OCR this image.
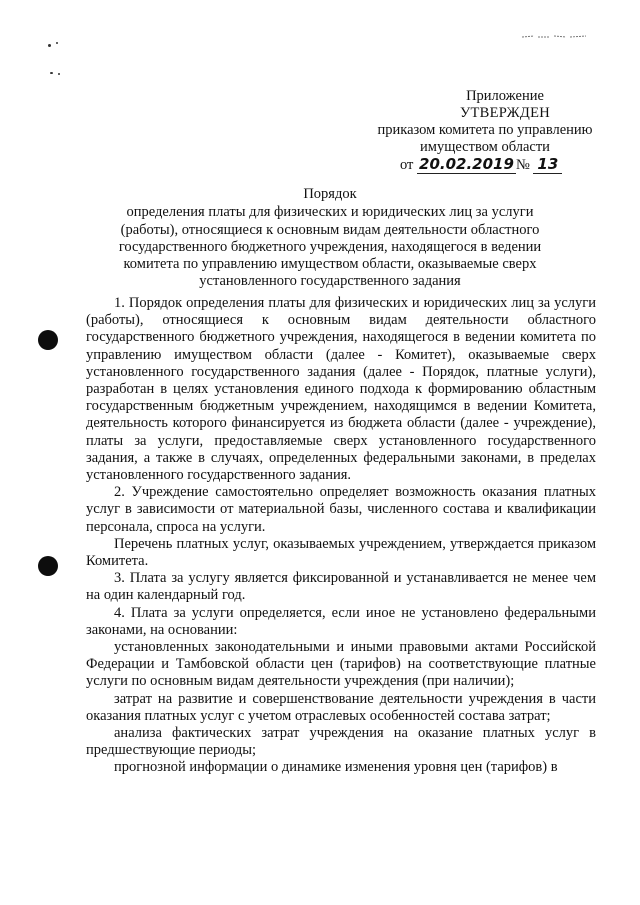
Приложение
УТВЕРЖДЕН
приказом комитета по управлению
имуществом области
от 20.02.2019 № 13
Порядок
определения платы для физических и юридических лиц за услуги (работы), относящиеся к основным видам деятельности областного государственного бюджетного учреждения, находящегося в ведении комитета по управлению имуществом области, оказываемые сверх установленного государственного задания

1. Порядок определения платы для физических и юридических лиц за услуги (работы), относящиеся к основным видам деятельности областного государственного бюджетного учреждения, находящегося в ведении комитета по управлению имуществом области (далее - Комитет), оказываемые сверх установленного государственного задания (далее - Порядок, платные услуги), разработан в целях установления единого подхода к формированию областным государственным бюджетным учреждением, находящимся в ведении Комитета, деятельность которого финансируется из бюджета области (далее - учреждение), платы за услуги, предоставляемые сверх установленного государственного задания, а также в случаях, определенных федеральными законами, в пределах установленного государственного задания.

2. Учреждение самостоятельно определяет возможность оказания платных услуг в зависимости от материальной базы, численного состава и квалификации персонала, спроса на услуги.

Перечень платных услуг, оказываемых учреждением, утверждается приказом Комитета.

3. Плата за услугу является фиксированной и устанавливается не менее чем на один календарный год.

4. Плата за услуги определяется, если иное не установлено федеральными законами, на основании:

установленных законодательными и иными правовыми актами Российской Федерации и Тамбовской области цен (тарифов) на соответствующие платные услуги по основным видам деятельности учреждения (при наличии);

затрат на развитие и совершенствование деятельности учреждения в части оказания платных услуг с учетом отраслевых особенностей состава затрат;

анализа фактических затрат учреждения на оказание платных услуг в предшествующие периоды;

прогнозной информации о динамике изменения уровня цен (тарифов) в
